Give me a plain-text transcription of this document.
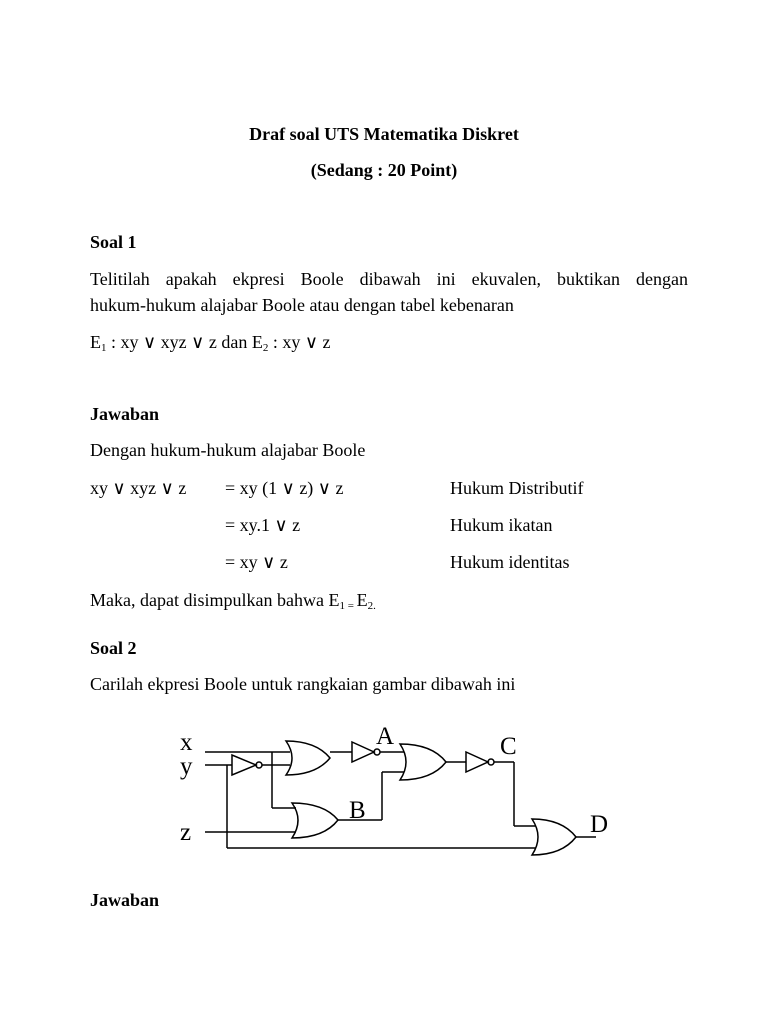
Draf soal UTS Matematika Diskret
(Sedang : 20 Point)
Soal 1
Telitilah apakah ekpresi Boole dibawah ini ekuvalen, buktikan dengan
hukum-hukum alajabar Boole atau dengan tabel kebenaran
$E_1$ : xy ∨ xyz ∨ z dan $E_2$ : xy ∨ z
Jawaban
Dengan hukum-hukum alajabar Boole
xy ∨ xyz ∨ z = xy (1 ∨ z) ∨ z	Hukum Distributif
= xy.1 ∨ z	Hukum ikatan
= xy ∨ z	Hukum identitas
Maka, dapat disimpulkan bahwa $E_{1 =}$ $E_{2.}$
Soal 2
Carilah ekpresi Boole untuk rangkaian gambar dibawah ini
x
y
z
A
B
C
D
Jawaban
